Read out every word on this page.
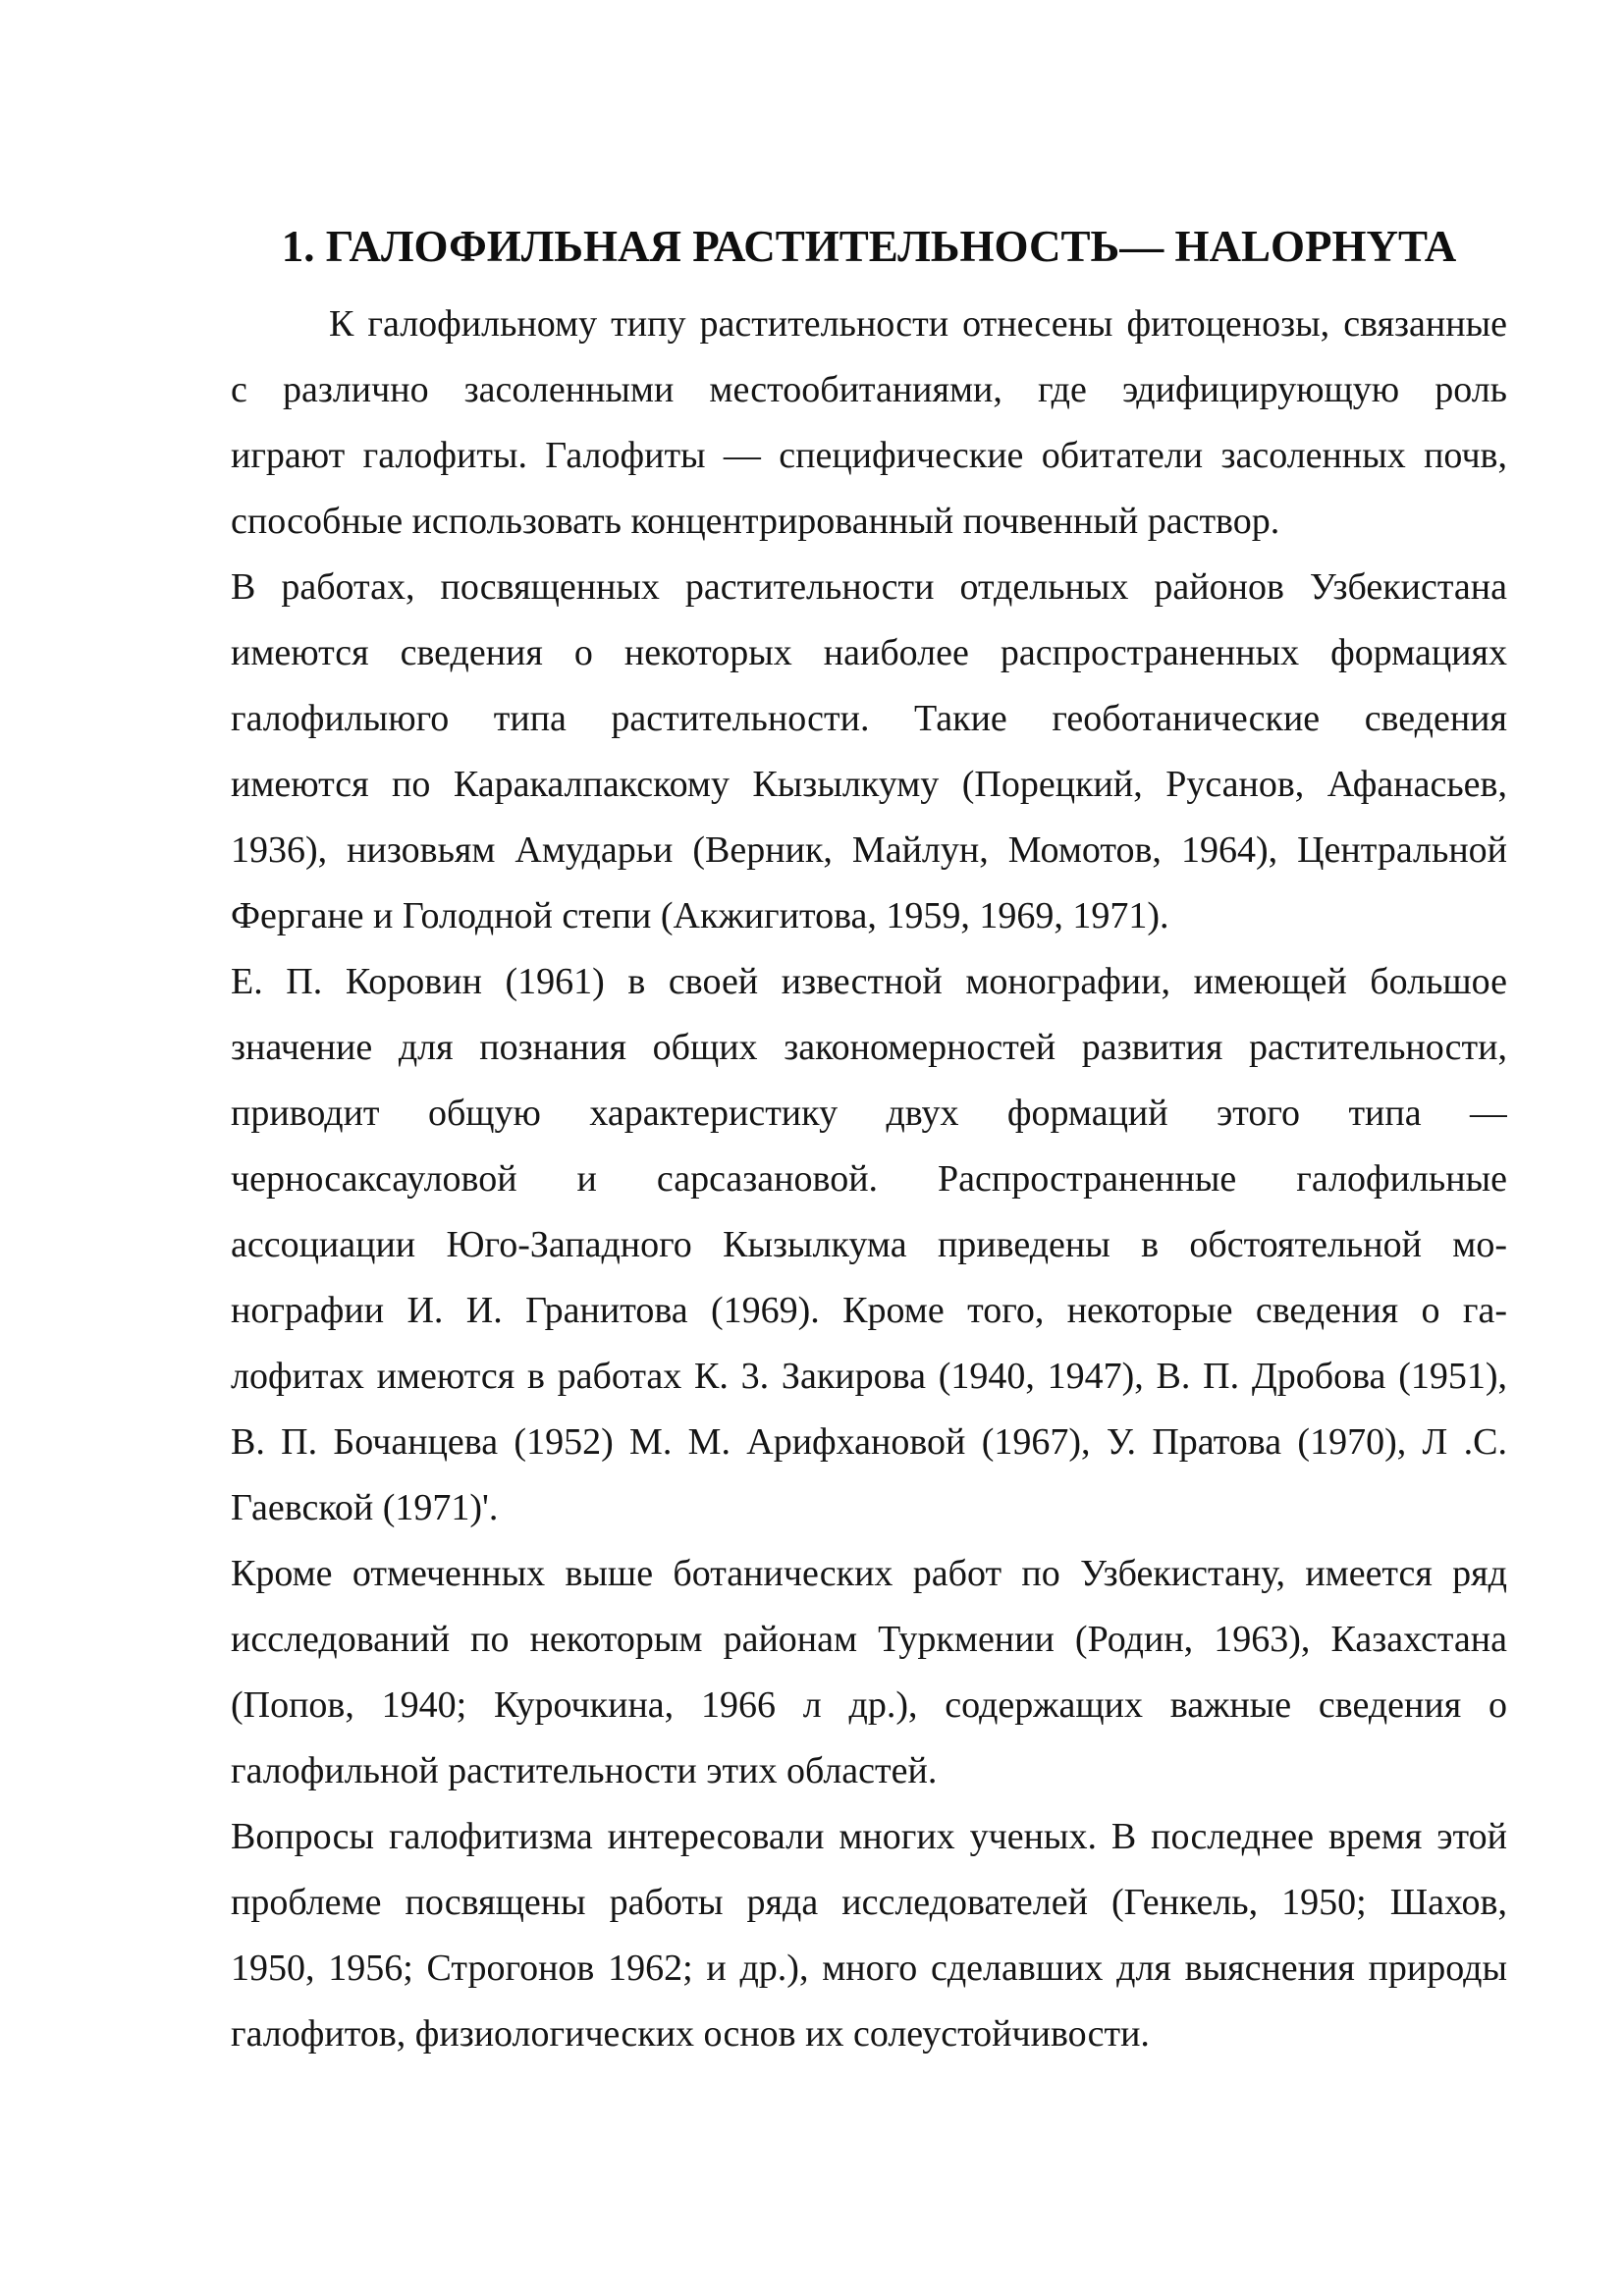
1. ГАЛОФИЛЬНАЯ РАСТИТЕЛЬНОСТЬ— HALOPHYTA
К галофильному типу растительности отнесены фитоценозы, связанные
с различно засоленными местообитаниями, где эдифицирующую роль
играют галофиты. Галофиты — специфические обитатели засоленных почв,
способные использовать концентрированный почвенный раствор.
В работах, посвященных растительности отдельных районов Узбекистана
имеются сведения о некоторых наиболее распространенных формациях
галофилыюго типа растительности. Такие геоботанические сведения
имеются по Каракалпакскому Кызылкуму (Порецкий, Русанов, Афанасьев,
1936), низовьям Амударьи (Верник, Майлун, Момотов, 1964), Центральной
Фергане и Голодной степи (Акжигитова, 1959, 1969, 1971).
Е. П. Коровин (1961) в своей известной монографии, имеющей большое
значение для познания общих закономерностей развития растительности,
приводит общую характеристику двух формаций этого типа —
черносаксауловой и сарсазановой. Распространенные галофильные
ассоциации Юго-Западного Кызылкума приведены в обстоятельной мо-
нографии И. И. Гранитова (1969). Кроме того, некоторые сведения о га-
лофитах имеются в работах К. 3. Закирова (1940, 1947), В. П. Дробова (1951),
В. П. Бочанцева (1952) М. М. Арифхановой (1967), У. Пратова (1970), Л .С.
Гаевской (1971)'.
Кроме отмеченных выше ботанических работ по Узбекистану, имеется ряд
исследований по некоторым районам Туркмении (Родин, 1963), Казахстана
(Попов, 1940; Курочкина, 1966 л др.), содержащих важные сведения о
галофильной растительности этих областей.
Вопросы галофитизма интересовали многих ученых. В последнее время этой
проблеме посвящены работы ряда исследователей (Генкель, 1950; Шахов,
1950, 1956; Строгонов 1962; и др.), много сделавших для выяснения природы
галофитов, физиологических основ их солеустойчивости.
